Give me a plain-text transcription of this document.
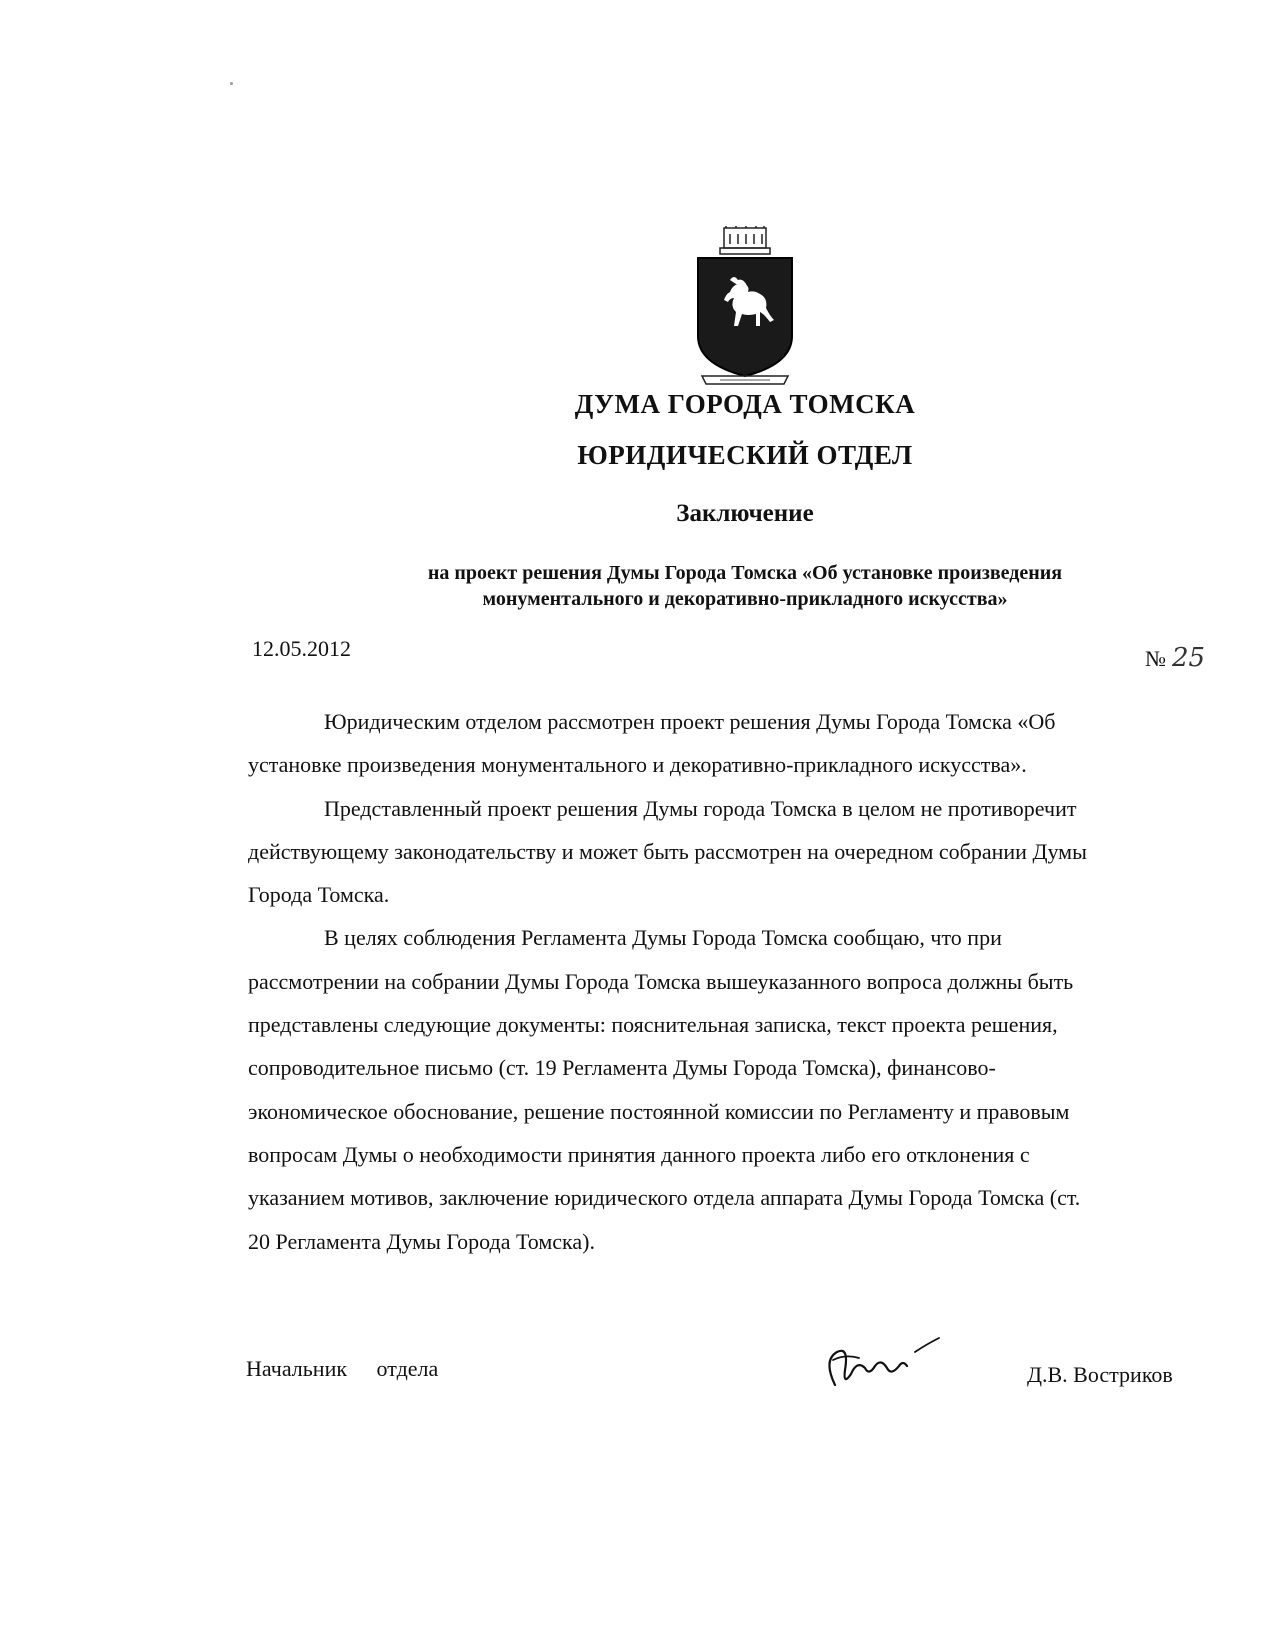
ДУМА ГОРОДА ТОМСКА
ЮРИДИЧЕСКИЙ ОТДЕЛ
Заключение
на проект решения Думы Города Томска «Об установке произведения
монументального и декоративно-прикладного искусства»
12.05.2012	№ 25

Юридическим отделом рассмотрен проект решения Думы Города Томска «Об

установке произведения монументального и декоративно-прикладного искусства».

Представленный проект решения Думы города Томска в целом не противоречит

действующему законодательству и может быть рассмотрен на очередном собрании Думы
Города Томска.

В целях соблюдения Регламента Думы Города Томска сообщаю, что при

рассмотрении на собрании Думы Города Томска вышеуказанного вопроса должны быть
представлены следующие документы: пояснительная записка, текст проекта решения,
сопроводительное письмо (ст. 19 Регламента Думы Города Томска), финансово-
экономическое обоснование, решение постоянной комиссии по Регламенту и правовым
вопросам Думы о необходимости принятия данного проекта либо его отклонения с
указанием мотивов, заключение юридического отдела аппарата Думы Города Томска (ст.
20 Регламента Думы Города Томска).

Начальник отдела	Д.В. Востриков
